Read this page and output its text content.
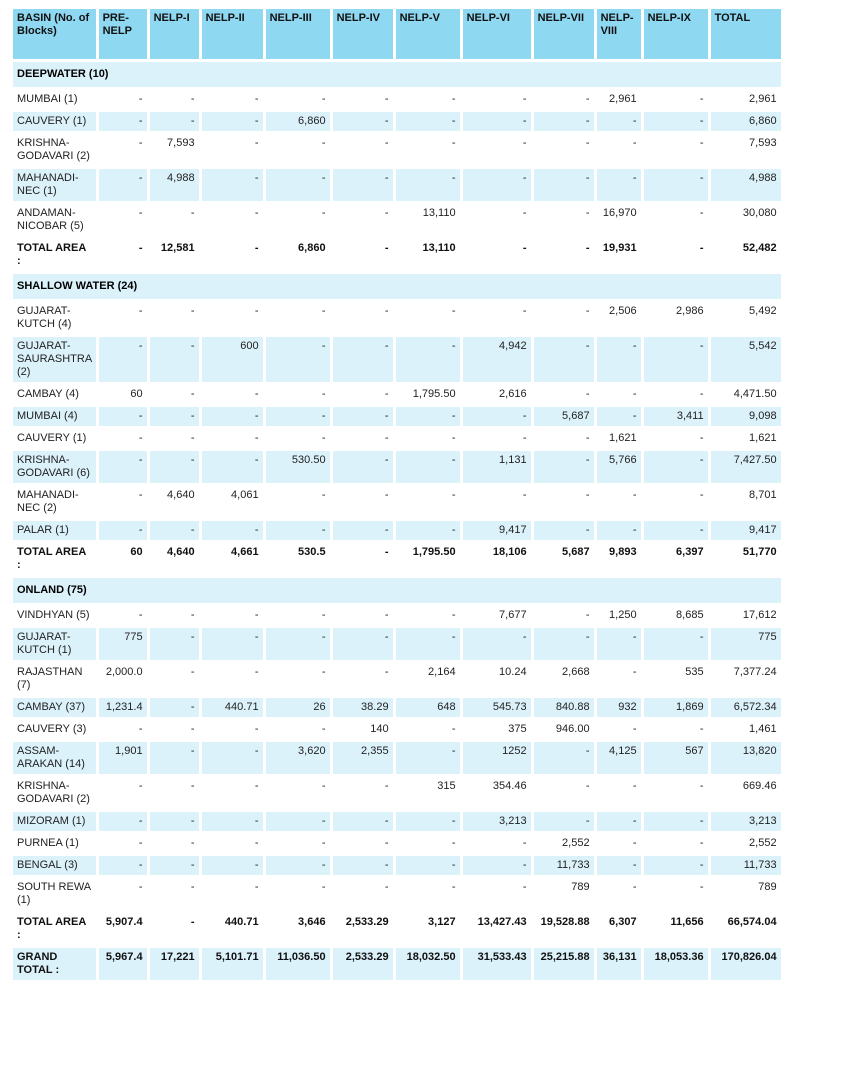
BASIN (No. of Blocks)	PRE-NELP	NELP-I	NELP-II	NELP-III	NELP-IV	NELP-V	NELP-VI	NELP-VII	NELP-VIII	NELP-IX	TOTAL
DEEPWATER (10)											
MUMBAI (1)	-	-	-	-	-	-	-	-	2,961	-	2,961
CAUVERY (1)	-	-	-	6,860	-	-	-	-	-	-	6,860
KRISHNA-GODAVARI (2)	-	7,593	-	-	-	-	-	-	-	-	7,593
MAHANADI-NEC (1)	-	4,988	-	-	-	-	-	-	-	-	4,988
ANDAMAN-NICOBAR (5)	-	-	-	-	-	13,110	-	-	16,970	-	30,080
TOTAL AREA :	-	12,581	-	6,860	-	13,110	-	-	19,931	-	52,482
SHALLOW WATER (24)											
GUJARAT-KUTCH (4)	-	-	-	-	-	-	-	-	2,506	2,986	5,492
GUJARAT-SAURASHTRA (2)	-	-	600	-	-	-	4,942	-	-	-	5,542
CAMBAY (4)	60	-	-	-	-	1,795.50	2,616	-	-	-	4,471.50
MUMBAI (4)	-	-	-	-	-	-	-	5,687	-	3,411	9,098
CAUVERY (1)	-	-	-	-	-	-	-	-	1,621	-	1,621
KRISHNA-GODAVARI (6)	-	-	-	530.50	-	-	1,131	-	5,766	-	7,427.50
MAHANADI-NEC (2)	-	4,640	4,061	-	-	-	-	-	-	-	8,701
PALAR (1)	-	-	-	-	-	-	9,417	-	-	-	9,417
TOTAL AREA :	60	4,640	4,661	530.5	-	1,795.50	18,106	5,687	9,893	6,397	51,770
ONLAND (75)											
VINDHYAN (5)	-	-	-	-	-	-	7,677	-	1,250	8,685	17,612
GUJARAT-KUTCH (1)	775	-	-	-	-	-	-	-	-	-	775
RAJASTHAN (7)	2,000.0	-	-	-	-	2,164	10.24	2,668	-	535	7,377.24
CAMBAY (37)	1,231.4	-	440.71	26	38.29	648	545.73	840.88	932	1,869	6,572.34
CAUVERY (3)	-	-	-	-	140	-	375	946.00	-	-	1,461
ASSAM-ARAKAN (14)	1,901	-	-	3,620	2,355	-	1252	-	4,125	567	13,820
KRISHNA-GODAVARI (2)	-	-	-	-	-	315	354.46	-	-	-	669.46
MIZORAM (1)	-	-	-	-	-	-	3,213	-	-	-	3,213
PURNEA (1)	-	-	-	-	-	-	-	2,552	-	-	2,552
BENGAL (3)	-	-	-	-	-	-	-	11,733	-	-	11,733
SOUTH REWA (1)	-	-	-	-	-	-	-	789	-	-	789
TOTAL AREA :	5,907.4	-	440.71	3,646	2,533.29	3,127	13,427.43	19,528.88	6,307	11,656	66,574.04
GRAND TOTAL :	5,967.4	17,221	5,101.71	11,036.50	2,533.29	18,032.50	31,533.43	25,215.88	36,131	18,053.36	170,826.04
